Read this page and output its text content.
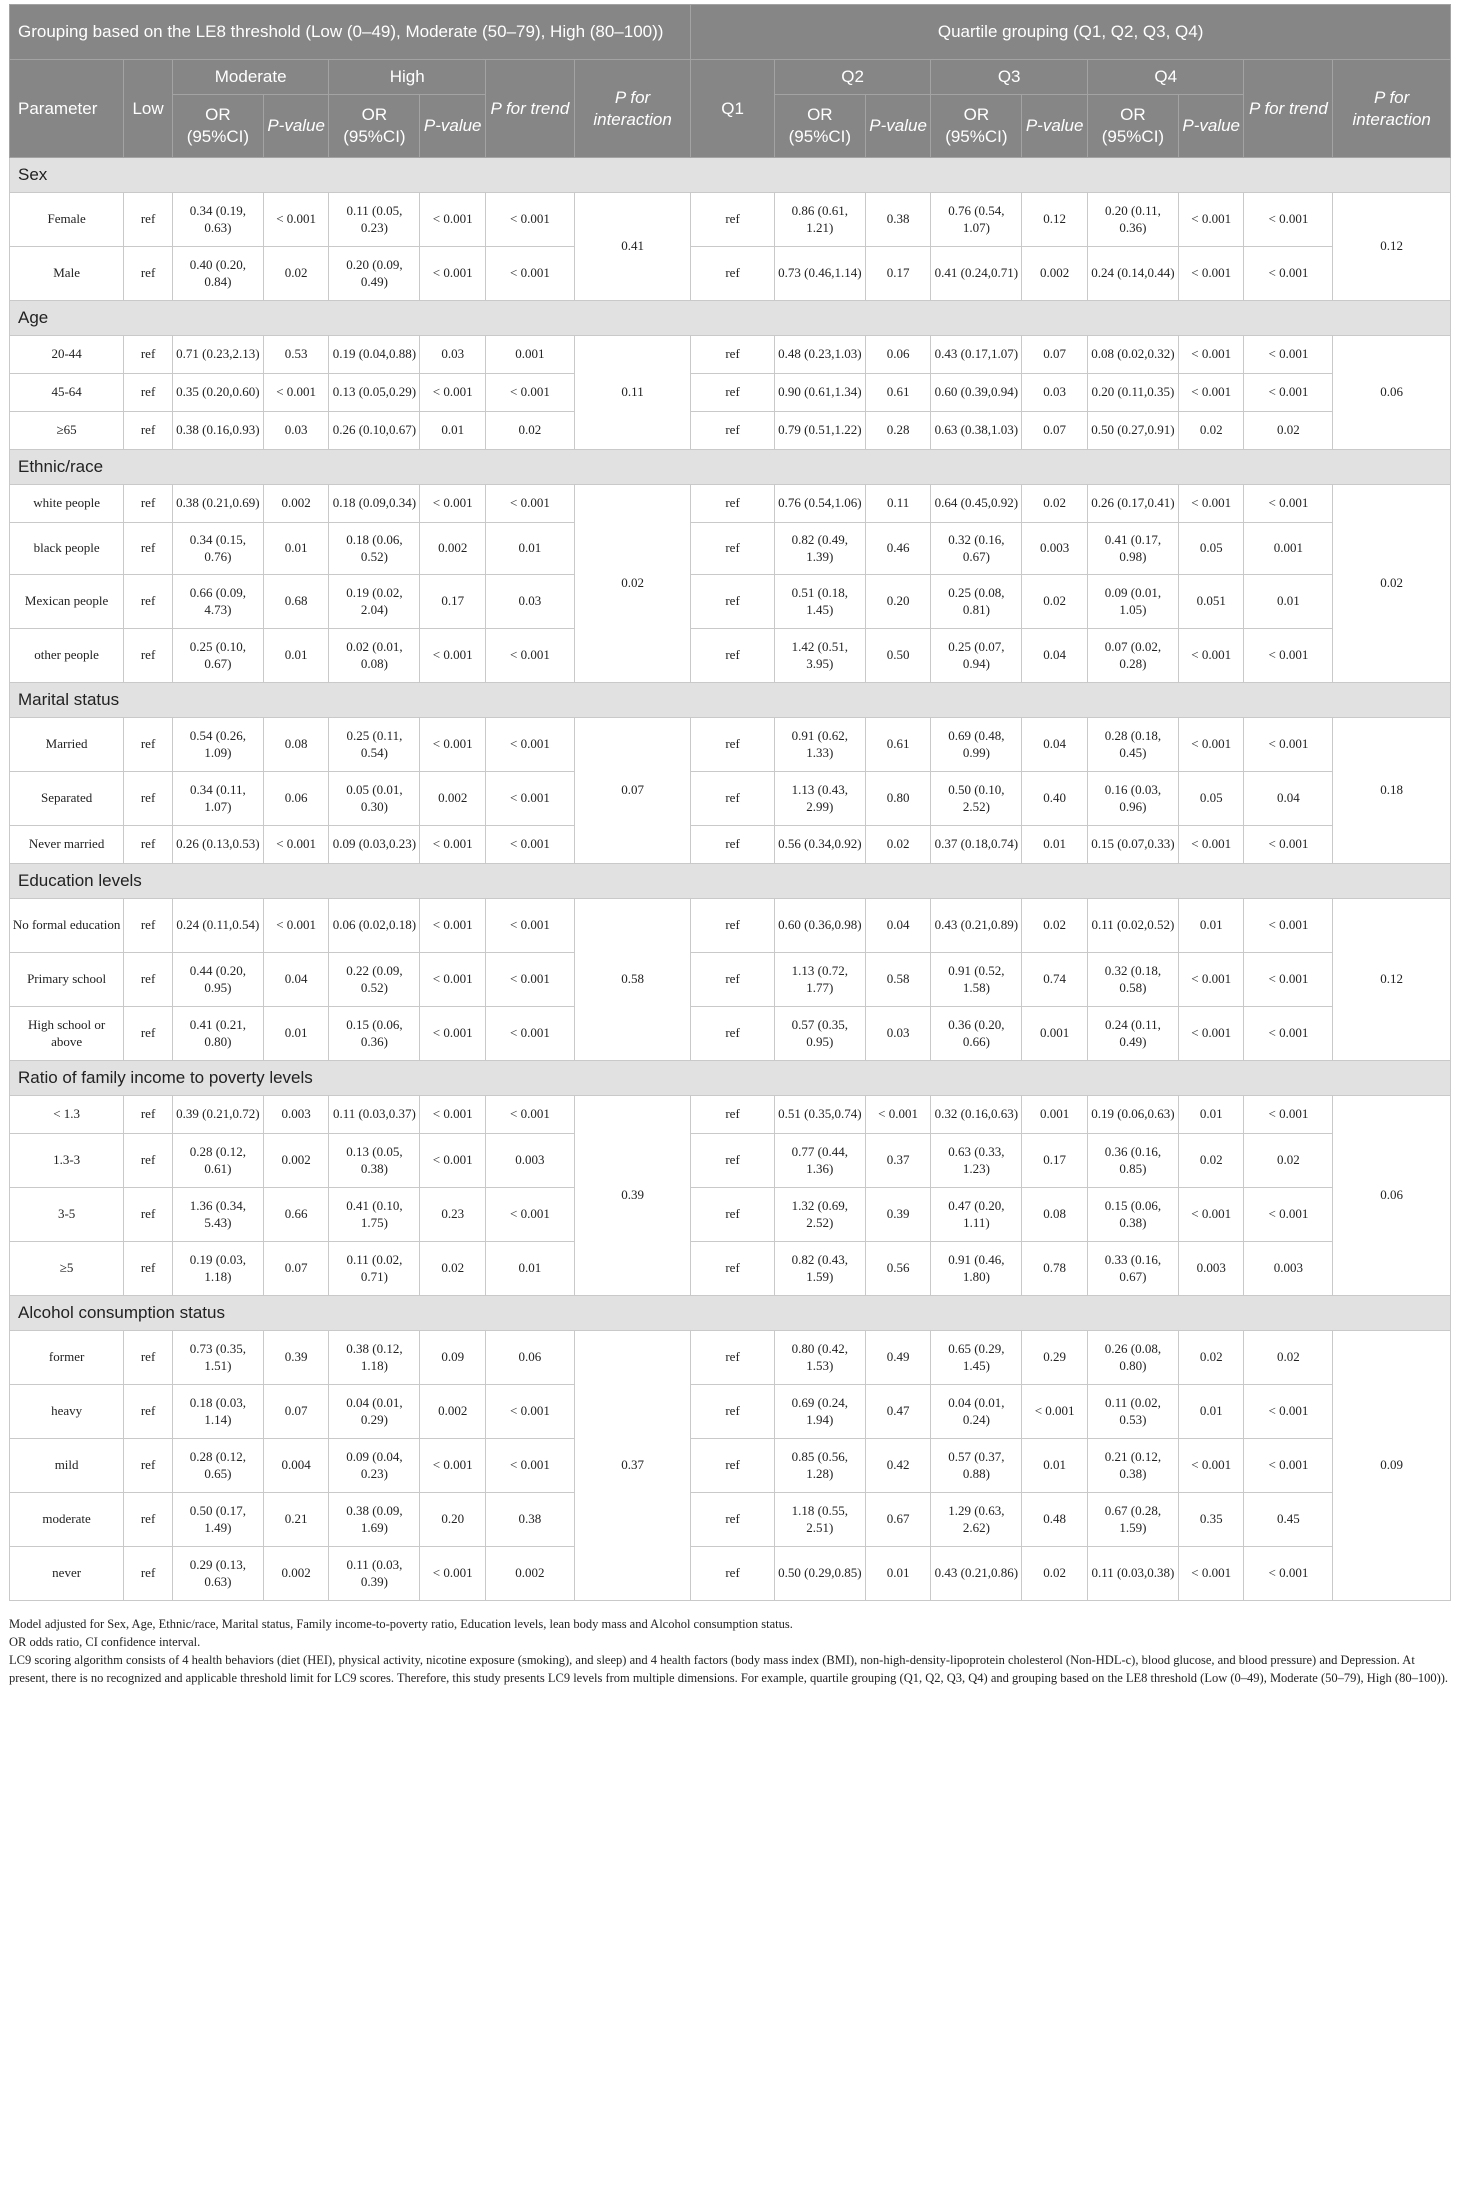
Grouping based on the LE8 threshold (Low (0–49), Moderate (50–79), High (80–100))								Quartile grouping (Q1, Q2, Q3, Q4)								
Parameter	Low	Moderate		High		P for trend	P for interaction	Q1	Q2		Q3		Q4		P for trend	P for interaction
		OR (95%CI)	P-value	OR (95%CI)	P-value				OR (95%CI)	P-value	OR (95%CI)	P-value	OR (95%CI)	P-value		
Sex																
Female	ref	0.34 (0.19, 0.63)	< 0.001	0.11 (0.05, 0.23)	< 0.001	< 0.001	0.41	ref	0.86 (0.61, 1.21)	0.38	0.76 (0.54, 1.07)	0.12	0.20 (0.11, 0.36)	< 0.001	< 0.001	0.12
Male	ref	0.40 (0.20, 0.84)	0.02	0.20 (0.09, 0.49)	< 0.001	< 0.001		ref	0.73 (0.46,1.14)	0.17	0.41 (0.24,0.71)	0.002	0.24 (0.14,0.44)	< 0.001	< 0.001	
Age																
20-44	ref	0.71 (0.23,2.13)	0.53	0.19 (0.04,0.88)	0.03	0.001	0.11	ref	0.48 (0.23,1.03)	0.06	0.43 (0.17,1.07)	0.07	0.08 (0.02,0.32)	< 0.001	< 0.001	0.06
45-64	ref	0.35 (0.20,0.60)	< 0.001	0.13 (0.05,0.29)	< 0.001	< 0.001		ref	0.90 (0.61,1.34)	0.61	0.60 (0.39,0.94)	0.03	0.20 (0.11,0.35)	< 0.001	< 0.001	
≥65	ref	0.38 (0.16,0.93)	0.03	0.26 (0.10,0.67)	0.01	0.02		ref	0.79 (0.51,1.22)	0.28	0.63 (0.38,1.03)	0.07	0.50 (0.27,0.91)	0.02	0.02	
Ethnic/race																
white people	ref	0.38 (0.21,0.69)	0.002	0.18 (0.09,0.34)	< 0.001	< 0.001	0.02	ref	0.76 (0.54,1.06)	0.11	0.64 (0.45,0.92)	0.02	0.26 (0.17,0.41)	< 0.001	< 0.001	0.02
black people	ref	0.34 (0.15, 0.76)	0.01	0.18 (0.06, 0.52)	0.002	0.01		ref	0.82 (0.49, 1.39)	0.46	0.32 (0.16, 0.67)	0.003	0.41 (0.17, 0.98)	0.05	0.001	
Mexican people	ref	0.66 (0.09, 4.73)	0.68	0.19 (0.02, 2.04)	0.17	0.03		ref	0.51 (0.18, 1.45)	0.20	0.25 (0.08, 0.81)	0.02	0.09 (0.01, 1.05)	0.051	0.01	
other people	ref	0.25 (0.10, 0.67)	0.01	0.02 (0.01, 0.08)	< 0.001	< 0.001		ref	1.42 (0.51, 3.95)	0.50	0.25 (0.07, 0.94)	0.04	0.07 (0.02, 0.28)	< 0.001	< 0.001	
Marital status																
Married	ref	0.54 (0.26, 1.09)	0.08	0.25 (0.11, 0.54)	< 0.001	< 0.001	0.07	ref	0.91 (0.62, 1.33)	0.61	0.69 (0.48, 0.99)	0.04	0.28 (0.18, 0.45)	< 0.001	< 0.001	0.18
Separated	ref	0.34 (0.11, 1.07)	0.06	0.05 (0.01, 0.30)	0.002	< 0.001		ref	1.13 (0.43, 2.99)	0.80	0.50 (0.10, 2.52)	0.40	0.16 (0.03, 0.96)	0.05	0.04	
Never married	ref	0.26 (0.13,0.53)	< 0.001	0.09 (0.03,0.23)	< 0.001	< 0.001		ref	0.56 (0.34,0.92)	0.02	0.37 (0.18,0.74)	0.01	0.15 (0.07,0.33)	< 0.001	< 0.001	
Education levels																
No formal education	ref	0.24 (0.11,0.54)	< 0.001	0.06 (0.02,0.18)	< 0.001	< 0.001	0.58	ref	0.60 (0.36,0.98)	0.04	0.43 (0.21,0.89)	0.02	0.11 (0.02,0.52)	0.01	< 0.001	0.12
Primary school	ref	0.44 (0.20, 0.95)	0.04	0.22 (0.09, 0.52)	< 0.001	< 0.001		ref	1.13 (0.72, 1.77)	0.58	0.91 (0.52, 1.58)	0.74	0.32 (0.18, 0.58)	< 0.001	< 0.001	
High school or above	ref	0.41 (0.21, 0.80)	0.01	0.15 (0.06, 0.36)	< 0.001	< 0.001		ref	0.57 (0.35, 0.95)	0.03	0.36 (0.20, 0.66)	0.001	0.24 (0.11, 0.49)	< 0.001	< 0.001	
Ratio of family income to poverty levels																
< 1.3	ref	0.39 (0.21,0.72)	0.003	0.11 (0.03,0.37)	< 0.001	< 0.001	0.39	ref	0.51 (0.35,0.74)	< 0.001	0.32 (0.16,0.63)	0.001	0.19 (0.06,0.63)	0.01	< 0.001	0.06
1.3-3	ref	0.28 (0.12, 0.61)	0.002	0.13 (0.05, 0.38)	< 0.001	0.003		ref	0.77 (0.44, 1.36)	0.37	0.63 (0.33, 1.23)	0.17	0.36 (0.16, 0.85)	0.02	0.02	
3-5	ref	1.36 (0.34, 5.43)	0.66	0.41 (0.10, 1.75)	0.23	< 0.001		ref	1.32 (0.69, 2.52)	0.39	0.47 (0.20, 1.11)	0.08	0.15 (0.06, 0.38)	< 0.001	< 0.001	
≥5	ref	0.19 (0.03, 1.18)	0.07	0.11 (0.02, 0.71)	0.02	0.01		ref	0.82 (0.43, 1.59)	0.56	0.91 (0.46, 1.80)	0.78	0.33 (0.16, 0.67)	0.003	0.003	
Alcohol consumption status																
former	ref	0.73 (0.35, 1.51)	0.39	0.38 (0.12, 1.18)	0.09	0.06	0.37	ref	0.80 (0.42, 1.53)	0.49	0.65 (0.29, 1.45)	0.29	0.26 (0.08, 0.80)	0.02	0.02	0.09
heavy	ref	0.18 (0.03, 1.14)	0.07	0.04 (0.01, 0.29)	0.002	< 0.001		ref	0.69 (0.24, 1.94)	0.47	0.04 (0.01, 0.24)	< 0.001	0.11 (0.02, 0.53)	0.01	< 0.001	
mild	ref	0.28 (0.12, 0.65)	0.004	0.09 (0.04, 0.23)	< 0.001	< 0.001		ref	0.85 (0.56, 1.28)	0.42	0.57 (0.37, 0.88)	0.01	0.21 (0.12, 0.38)	< 0.001	< 0.001	
moderate	ref	0.50 (0.17, 1.49)	0.21	0.38 (0.09, 1.69)	0.20	0.38		ref	1.18 (0.55, 2.51)	0.67	1.29 (0.63, 2.62)	0.48	0.67 (0.28, 1.59)	0.35	0.45	
never	ref	0.29 (0.13, 0.63)	0.002	0.11 (0.03, 0.39)	< 0.001	0.002		ref	0.50 (0.29,0.85)	0.01	0.43 (0.21,0.86)	0.02	0.11 (0.03,0.38)	< 0.001	< 0.001	

Model adjusted for Sex, Age, Ethnic/race, Marital status, Family income-to-poverty ratio, Education levels, lean body mass and Alcohol consumption status.

OR odds ratio, CI confidence interval.

LC9 scoring algorithm consists of 4 health behaviors (diet (HEI), physical activity, nicotine exposure (smoking), and sleep) and 4 health factors (body mass index (BMI), non-high-density-lipoprotein cholesterol (Non-HDL-c), blood glucose, and blood pressure) and Depression. At present, there is no recognized and applicable threshold limit for LC9 scores. Therefore, this study presents LC9 levels from multiple dimensions. For example, quartile grouping (Q1, Q2, Q3, Q4) and grouping based on the LE8 threshold (Low (0–49), Moderate (50–79), High (80–100)).
